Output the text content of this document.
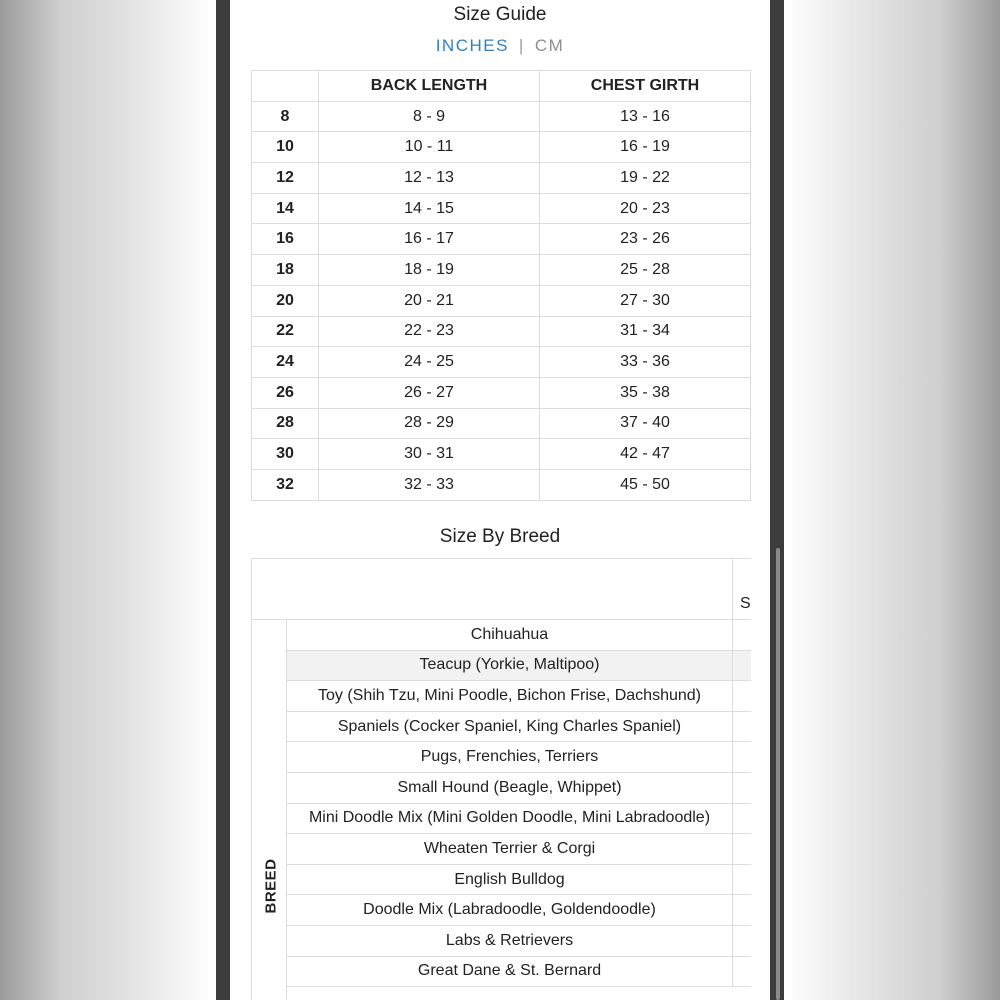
Size Guide
INCHES | CM
	BACK LENGTH	CHEST GIRTH
8	8 - 9	13 - 16
10	10 - 11	16 - 19
12	12 - 13	19 - 22
14	14 - 15	20 - 23
16	16 - 17	23 - 26
18	18 - 19	25 - 28
20	20 - 21	27 - 30
22	22 - 23	31 - 34
24	24 - 25	33 - 36
26	26 - 27	35 - 38
28	28 - 29	37 - 40
30	30 - 31	42 - 47
32	32 - 33	45 - 50
Size By Breed
S
BREED
Chihuahua
Teacup (Yorkie, Maltipoo)
Toy (Shih Tzu, Mini Poodle, Bichon Frise, Dachshund)
Spaniels (Cocker Spaniel, King Charles Spaniel)
Pugs, Frenchies, Terriers
Small Hound (Beagle, Whippet)
Mini Doodle Mix (Mini Golden Doodle, Mini Labradoodle)
Wheaten Terrier & Corgi
English Bulldog
Doodle Mix (Labradoodle, Goldendoodle)
Labs & Retrievers
Great Dane & St. Bernard
